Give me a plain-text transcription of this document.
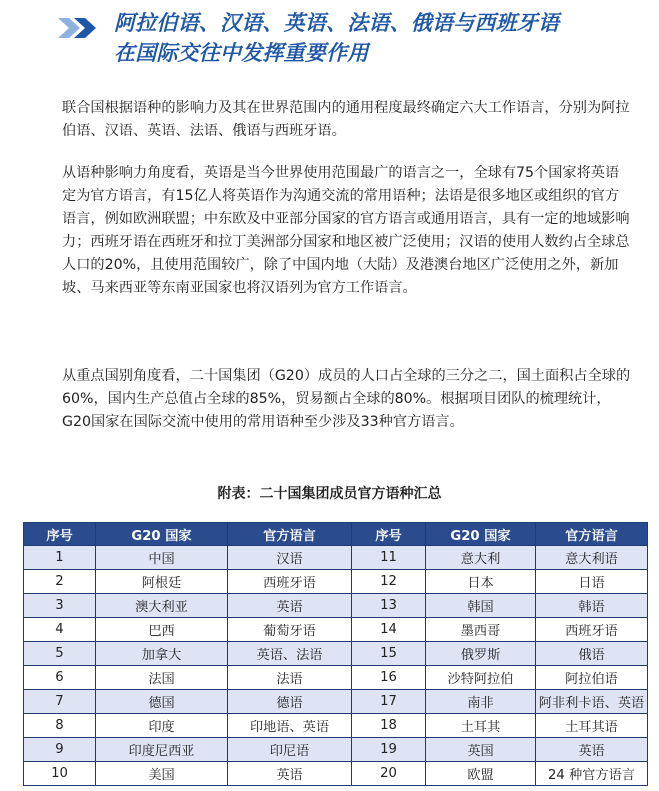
阿拉伯语、汉语、英语、法语、俄语与西班牙语
在国际交往中发挥重要作用

联合国根据语种的影响力及其在世界范围内的通用程度最终确定六大工作语言，分别为阿拉伯语、汉语、英语、法语、俄语与西班牙语。

从语种影响力角度看，英语是当今世界使用范围最广的语言之一，全球有75个国家将英语定为官方语言，有15亿人将英语作为沟通交流的常用语种；法语是很多地区或组织的官方语言，例如欧洲联盟；中东欧及中亚部分国家的官方语言或通用语言，具有一定的地域影响力；西班牙语在西班牙和拉丁美洲部分国家和地区被广泛使用；汉语的使用人数约占全球总人口的20%，且使用范围较广，除了中国内地（大陆）及港澳台地区广泛使用之外，新加坡、马来西亚等东南亚国家也将汉语列为官方工作语言。

从重点国别角度看，二十国集团（G20）成员的人口占全球的三分之二，国土面积占全球的60%，国内生产总值占全球的85%，贸易额占全球的80%。根据项目团队的梳理统计，G20国家在国际交流中使用的常用语种至少涉及33种官方语言。

附表：二十国集团成员官方语种汇总
序号	G20 国家	官方语言	序号	G20 国家	官方语言
1	中国	汉语	11	意大利	意大利语
2	阿根廷	西班牙语	12	日本	日语
3	澳大利亚	英语	13	韩国	韩语
4	巴西	葡萄牙语	14	墨西哥	西班牙语
5	加拿大	英语、法语	15	俄罗斯	俄语
6	法国	法语	16	沙特阿拉伯	阿拉伯语
7	德国	德语	17	南非	阿非利卡语、英语
8	印度	印地语、英语	18	土耳其	土耳其语
9	印度尼西亚	印尼语	19	英国	英语
10	美国	英语	20	欧盟	24 种官方语言
